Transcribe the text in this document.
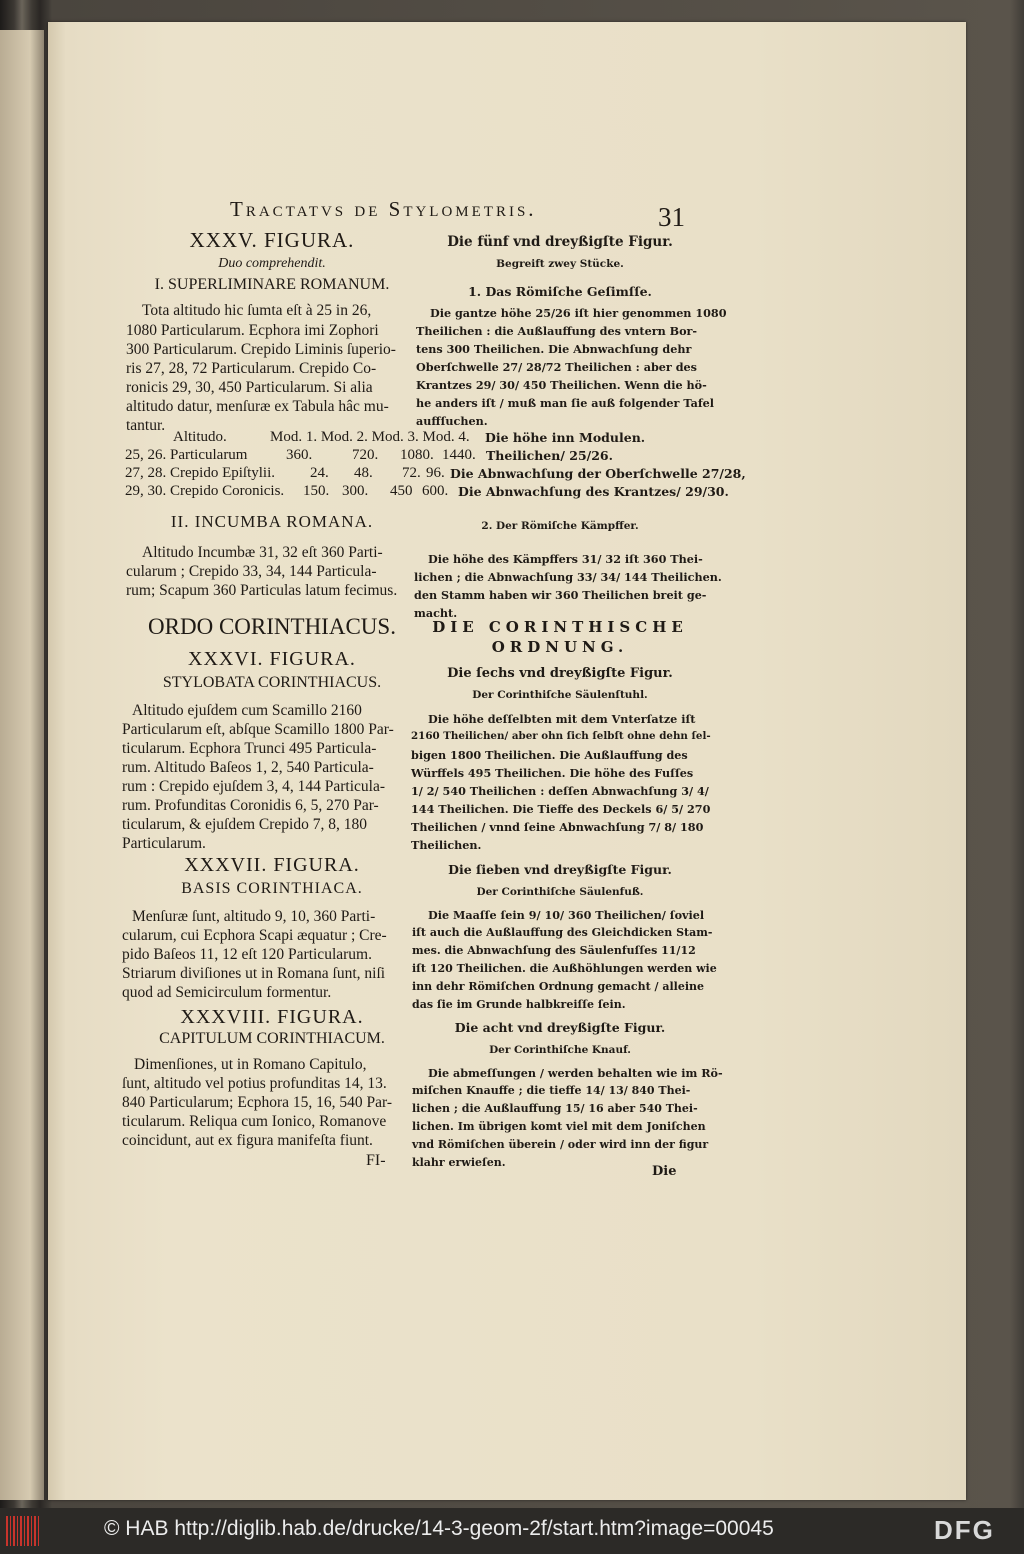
Tractatvs de Stylometris.	31
XXXV. FIGURA.
Duo comprehendit.
I. SUPERLIMINARE ROMANUM.
Tota altitudo hic ſumta eſt à 25 in 26,
1080 Particularum. Ecphora imi Zophori
300 Particularum. Crepido Liminis ſuperio-
ris 27, 28, 72 Particularum. Crepido Co-
ronicis 29, 30, 450 Particularum. Si alia
altitudo datur, menſuræ ex Tabula hâc mu-
tantur.
Altitudo.	Mod. 1. Mod. 2. Mod. 3. Mod. 4. Die höhe inn Modulen.
25, 26. Particularum	360.	720. 1080. 1440. Theilichen/ 25/26.
27, 28. Crepido Epiſtylii. 24. 48. 72. 96. Die Abnwachſung der Oberſchwelle 27/28,
29, 30. Crepido Coronicis. 150. 300. 450 600. Die Abnwachſung des Krantzes/ 29/30.
II. INCUMBA ROMANA.
Altitudo Incumbæ 31, 32 eſt 360 Parti-
cularum ; Crepido 33, 34, 144 Particula-
rum; Scapum 360 Particulas latum fecimus.
ORDO CORINTHIACUS.
XXXVI. FIGURA.
STYLOBATA CORINTHIACUS.
Altitudo ejuſdem cum Scamillo 2160
Particularum eſt, abſque Scamillo 1800 Par-
ticularum. Ecphora Trunci 495 Particula-
rum. Altitudo Baſeos 1, 2, 540 Particula-
rum : Crepido ejuſdem 3, 4, 144 Particula-
rum. Profunditas Coronidis 6, 5, 270 Par-
ticularum, & ejuſdem Crepido 7, 8, 180
Particularum.
XXXVII. FIGURA.
BASIS CORINTHIACA.
Menſuræ ſunt, altitudo 9, 10, 360 Parti-
cularum, cui Ecphora Scapi æquatur ; Cre-
pido Baſeos 11, 12 eſt 120 Particularum.
Striarum diviſiones ut in Romana ſunt, niſi
quod ad Semicirculum formentur.
XXXVIII. FIGURA.
CAPITULUM CORINTHIACUM.
Dimenſiones, ut in Romano Capitulo,
ſunt, altitudo vel potius profunditas 14, 13.
840 Particularum; Ecphora 15, 16, 540 Par-
ticularum. Reliqua cum Ionico, Romanove
coincidunt, aut ex figura manifeſta fiunt.
FI-
Die fünf vnd dreyßigſte Figur.
Begreift zwey Stücke.
1. Das Römiſche Geſimſſe.
Die gantze höhe 25/26 iſt hier genommen 1080
Theilichen : die Außlauffung des vntern Bor-
tens 300 Theilichen. Die Abnwachſung dehr
Oberſchwelle 27/ 28/72 Theilichen : aber des
Krantzes 29/ 30/ 450 Theilichen. Wenn die hö-
he anders iſt / muß man ſie auß folgender Tafel
auffſuchen.
2. Der Römiſche Kämpffer.
Die höhe des Kämpffers 31/ 32 iſt 360 Thei-
lichen ; die Abnwachſung 33/ 34/ 144 Theilichen.
den Stamm haben wir 360 Theilichen breit ge-
macht.
DIE CORINTHISCHE
ORDNUNG.
Die ſechs vnd dreyßigſte Figur.
Der Corinthiſche Säulenſtuhl.
Die höhe deſſelbten mit dem Vnterſatze iſt
2160 Theilichen/ aber ohn ſich ſelbſt ohne dehn ſel-
bigen 1800 Theilichen. Die Außlauffung des
Würffels 495 Theilichen. Die höhe des Fuſſes
1/ 2/ 540 Theilichen : deſſen Abnwachſung 3/ 4/
144 Theilichen. Die Tieffe des Deckels 6/ 5/ 270
Theilichen / vnnd ſeine Abnwachſung 7/ 8/ 180
Theilichen.
Die ſieben vnd dreyßigſte Figur.
Der Corinthiſche Säulenfuß.
Die Maaſſe ſein 9/ 10/ 360 Theilichen/ ſoviel
iſt auch die Außlauffung des Gleichdicken Stam-
mes. die Abnwachſung des Säulenfuſſes 11/12
iſt 120 Theilichen. die Außhöhlungen werden wie
inn dehr Römiſchen Ordnung gemacht / alleine
das ſie im Grunde halbkreiſſe ſein.
Die acht vnd dreyßigſte Figur.
Der Corinthiſche Knauf.
Die abmeſſungen / werden behalten wie im Rö-
miſchen Knauffe ; die tieffe 14/ 13/ 840 Thei-
lichen ; die Außlauffung 15/ 16 aber 540 Thei-
lichen. Im übrigen komt viel mit dem Joniſchen
vnd Römiſchen überein / oder wird inn der figur
klahr erwieſen.
Die
© HAB http://diglib.hab.de/drucke/14-3-geom-2f/start.htm?image=00045	DFG
